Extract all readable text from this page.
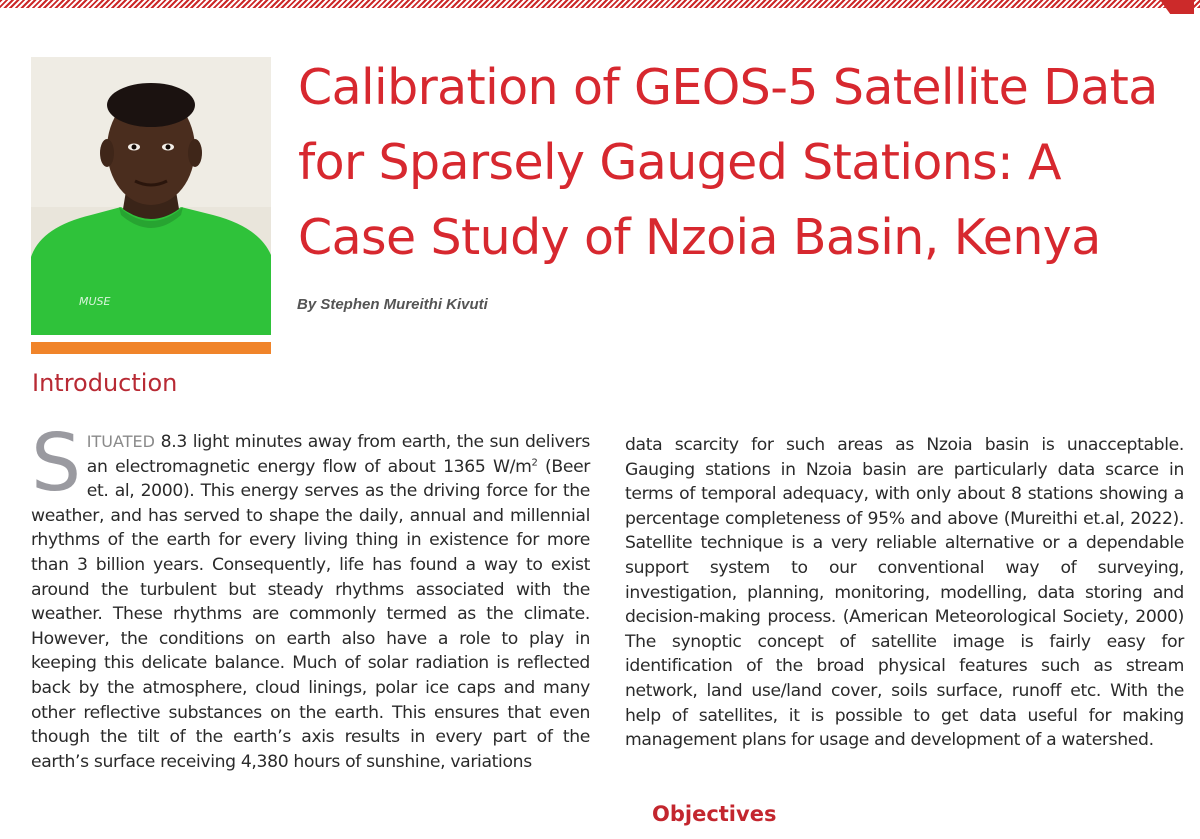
MUSE
Calibration of GEOS-5 Satellite Data for Sparsely Gauged Stations: A Case Study of Nzoia Basin, Kenya
By Stephen Mureithi Kivuti
Introduction

SITUATED 8.3 light minutes away from earth, the sun delivers an electromagnetic energy flow of about 1365 $W/m^2$ (Beer et. al, 2000). This energy serves as the driving force for the weather, and has served to shape the daily, annual and millennial rhythms of the earth for every living thing in existence for more than 3 billion years. Consequently, life has found a way to exist around the turbulent but steady rhythms associated with the weather. These rhythms are commonly termed as the climate. However, the conditions on earth also have a role to play in keeping this delicate balance. Much of solar radiation is reflected back by the atmosphere, cloud linings, polar ice caps and many other reflective substances on the earth. This ensures that even though the tilt of the earth’s axis results in every part of the earth’s surface receiving 4,380 hours of sunshine, variations

data scarcity for such areas as Nzoia basin is unacceptable. Gauging stations in Nzoia basin are particularly data scarce in terms of temporal adequacy, with only about 8 stations showing a percentage completeness of 95% and above (Mureithi et.al, 2022). Satellite technique is a very reliable alternative or a dependable support system to our conventional way of surveying, investigation, planning, monitoring, modelling, data storing and decision-making process. (American Meteorological Society, 2000) The synoptic concept of satellite image is fairly easy for identification of the broad physical features such as stream network, land use/land cover, soils surface, runoff etc. With the help of satellites, it is possible to get data useful for making management plans for usage and development of a watershed.

Objectives
